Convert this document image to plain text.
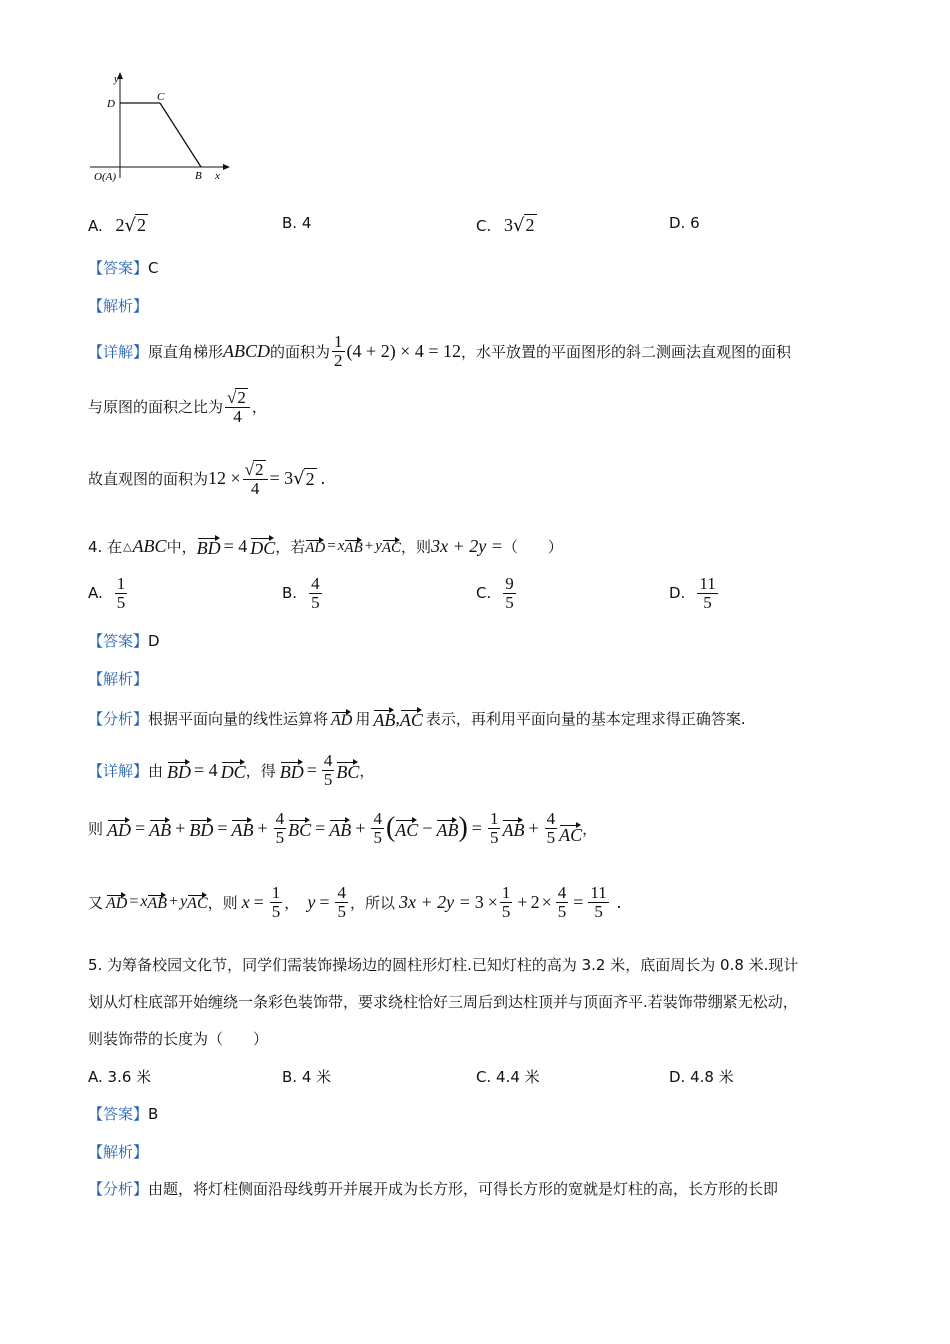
y
D
C
O(A)	B x
A. 2√2	B. 4	C. 3√2	D. 6
【答案】C
【解析】
【详解】 原直角梯形 ABCD 的面积为 $\frac{1}{2} (4 + 2) \times 4 = 12$ ，水平放置的平面图形的斜二测画法直观图的面积
与原图的面积之比为 $\frac{√2}{4}$ ，
故直观图的面积为 $12 \times \frac{√2}{4} = 3$ √ 2 .
4. 在 △ ABC 中， BD = 4 DC ，若 AD = x AB + y AC ，则 3x + 2y = （　　）
A. $\frac{1}{5}$	B. $\frac{4}{5}$	C. $\frac{9}{5}$	D. $\frac{11}{5}$
【答案】D
【解析】
【分析】 根据平面向量的线性运算将 AD 用 AB , AC 表示，再利用平面向量的基本定理求得正确答案.
【详解】 由 BD = 4 DC ，得 BD = $\frac{4}{5}$ BC ，
则 AD = AB + BD = AB + $\frac{4}{5}$ BC = AB + $\frac{4}{5}$ ( AC − AB ) = $\frac{1}{5}$ AB + $\frac{4}{5}$ AC ，
又 AD = x AB + y AC ，则 $x = \frac{1}{5}$ ， $y = \frac{4}{5}$ ，所以 $3x + 2y = 3 \times \frac{1}{5} + 2 \times \frac{4}{5} = \frac{11}{5}$ .
5. 为筹备校园文化节，同学们需装饰操场边的圆柱形灯柱.已知灯柱的高为 3.2 米，底面周长为 0.8 米.现计
划从灯柱底部开始缠绕一条彩色装饰带，要求绕柱恰好三周后到达柱顶并与顶面齐平.若装饰带绷紧无松动，
则装饰带的长度为（　　）
A. 3.6 米	B. 4 米	C. 4.4 米	D. 4.8 米
【答案】B
【解析】
【分析】由题，将灯柱侧面沿母线剪开并展开成为长方形，可得长方形的宽就是灯柱的高，长方形的长即
